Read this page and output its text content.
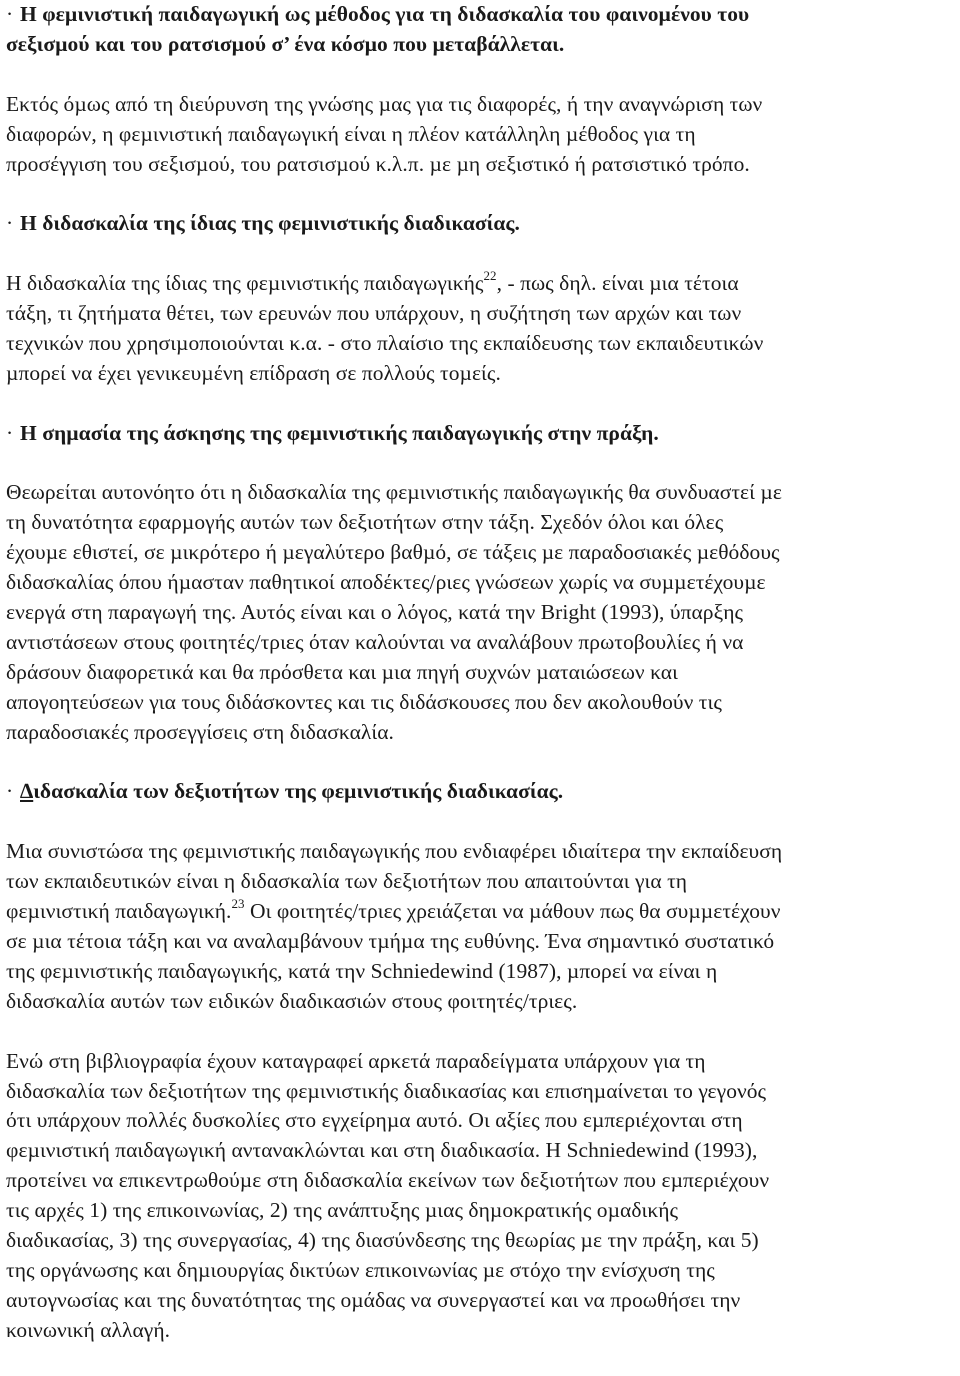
· Η φεµινιστική παιδαγωγική ως µέθοδος για τη διδασκαλία του φαινοµένου του
σεξισµού και του ρατσισµού σ’ ένα κόσµο που µεταβάλλεται.

Εκτός όµως από τη διεύρυνση της γνώσης µας για τις διαφορές, ή την αναγνώριση των
διαφορών, η φεµινιστική παιδαγωγική είναι η πλέον κατάλληλη µέθοδος για τη
προσέγγιση του σεξισµού, του ρατσισµού κ.λ.π. µε µη σεξιστικό ή ρατσιστικό τρόπο.

· Η διδασκαλία της ίδιας της φεµινιστικής διαδικασίας.

Η διδασκαλία της ίδιας της φεµινιστικής παιδαγωγικής$^{22}$, - πως δηλ. είναι µια τέτοια
τάξη, τι ζητήµατα θέτει, των ερευνών που υπάρχουν, η συζήτηση των αρχών και των
τεχνικών που χρησιµοποιούνται κ.α. - στο πλαίσιο της εκπαίδευσης των εκπαιδευτικών
µπορεί να έχει γενικευµένη επίδραση σε πολλούς τοµείς.

· Η σηµασία της άσκησης της φεµινιστικής παιδαγωγικής στην πράξη.

Θεωρείται αυτονόητο ότι η διδασκαλία της φεµινιστικής παιδαγωγικής θα συνδυαστεί µε
τη δυνατότητα εφαρµογής αυτών των δεξιοτήτων στην τάξη. Σχεδόν όλοι και όλες
έχουµε εθιστεί, σε µικρότερο ή µεγαλύτερο βαθµό, σε τάξεις µε παραδοσιακές µεθόδους
διδασκαλίας όπου ήµασταν παθητικοί αποδέκτες/ριες γνώσεων χωρίς να συµµετέχουµε
ενεργά στη παραγωγή της. Αυτός είναι και ο λόγος, κατά την Bright (1993), ύπαρξης
αντιστάσεων στους φοιτητές/τριες όταν καλούνται να αναλάβουν πρωτοβουλίες ή να
δράσουν διαφορετικά και θα πρόσθετα και µια πηγή συχνών µαταιώσεων και
απογοητεύσεων για τους διδάσκοντες και τις διδάσκουσες που δεν ακολουθούν τις
παραδοσιακές προσεγγίσεις στη διδασκαλία.

· ∆ιδασκαλία των δεξιοτήτων της φεµινιστικής διαδικασίας.

Μια συνιστώσα της φεµινιστικής παιδαγωγικής που ενδιαφέρει ιδιαίτερα την εκπαίδευση
των εκπαιδευτικών είναι η διδασκαλία των δεξιοτήτων που απαιτούνται για τη
φεµινιστική παιδαγωγική.$^{23}$ Οι φοιτητές/τριες χρειάζεται να µάθουν πως θα συµµετέχουν
σε µια τέτοια τάξη και να αναλαµβάνουν τµήµα της ευθύνης. Ένα σηµαντικό συστατικό
της φεµινιστικής παιδαγωγικής, κατά την Schniedewind (1987), µπορεί να είναι η
διδασκαλία αυτών των ειδικών διαδικασιών στους φοιτητές/τριες.

Ενώ στη βιβλιογραφία έχουν καταγραφεί αρκετά παραδείγµατα υπάρχουν για τη
διδασκαλία των δεξιοτήτων της φεµινιστικής διαδικασίας και επισηµαίνεται το γεγονός
ότι υπάρχουν πολλές δυσκολίες στο εγχείρηµα αυτό. Οι αξίες που εµπεριέχονται στη
φεµινιστική παιδαγωγική αντανακλώνται και στη διαδικασία. Η Schniedewind (1993),
προτείνει να επικεντρωθούµε στη διδασκαλία εκείνων των δεξιοτήτων που εµπεριέχουν
τις αρχές 1) της επικοινωνίας, 2) της ανάπτυξης µιας δηµοκρατικής οµαδικής
διαδικασίας, 3) της συνεργασίας, 4) της διασύνδεσης της θεωρίας µε την πράξη, και 5)
της οργάνωσης και δηµιουργίας δικτύων επικοινωνίας µε στόχο την ενίσχυση της
αυτογνωσίας και της δυνατότητας της οµάδας να συνεργαστεί και να προωθήσει την
κοινωνική αλλαγή.
